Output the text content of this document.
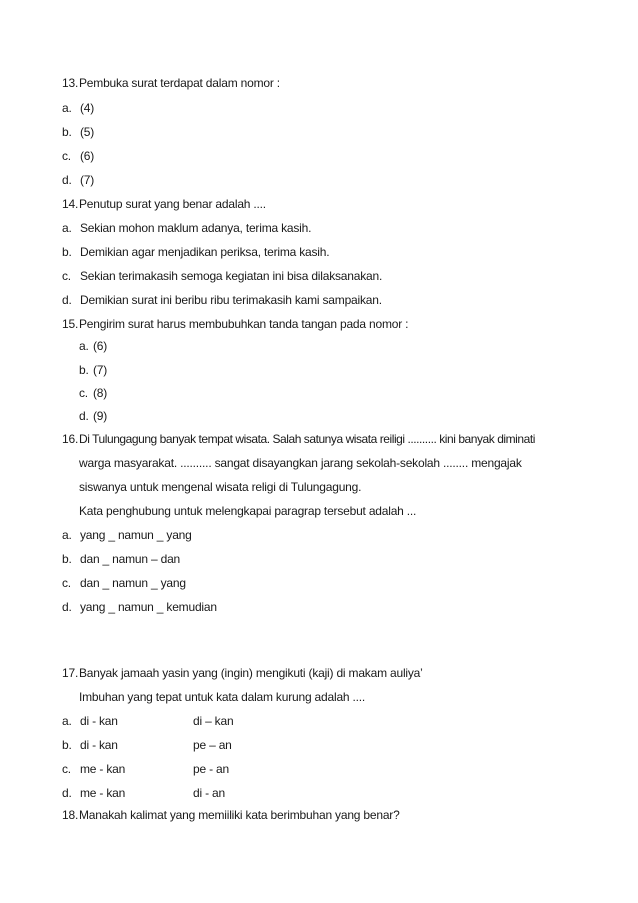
13. Pembuka surat terdapat dalam nomor :
a. (4)
b. (5)
c. (6)
d. (7)
14. Penutup surat yang benar adalah ....
a. Sekian mohon maklum adanya, terima kasih.
b. Demikian agar menjadikan periksa, terima kasih.
c. Sekian terimakasih semoga kegiatan ini bisa dilaksanakan.
d. Demikian surat ini beribu ribu terimakasih kami sampaikan.
15. Pengirim surat harus membubuhkan tanda tangan pada nomor :
a. (6)
b. (7)
c. (8)
d. (9)
16. Di Tulungagung banyak tempat wisata. Salah satunya wisata reiligi .......... kini banyak diminati
warga masyarakat. .......... sangat disayangkan jarang sekolah-sekolah ........ mengajak
siswanya untuk mengenal wisata religi di Tulungagung.
Kata penghubung untuk melengkapai paragrap tersebut adalah ...
a. yang _ namun _ yang
b. dan _ namun – dan
c. dan _ namun _ yang
d. yang _ namun _ kemudian
17. Banyak jamaah yasin yang (ingin) mengikuti (kaji) di makam auliya’
Imbuhan yang tepat untuk kata dalam kurung adalah ....
a. di - kan	di – kan
b. di - kan	pe – an
c. me - kan	pe - an
d. me - kan	di - an
18. Manakah kalimat yang memiiliki kata berimbuhan yang benar?
